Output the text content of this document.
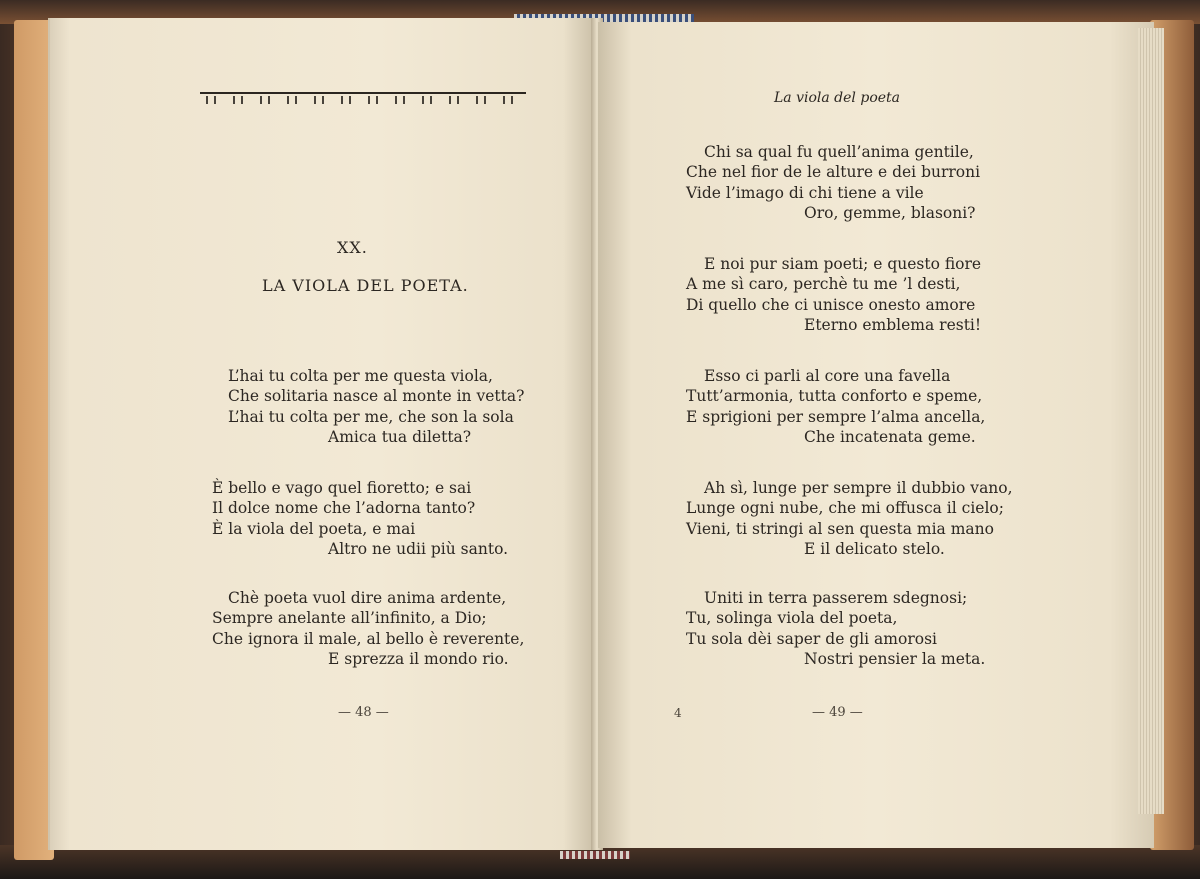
XX.
LA VIOLA DEL POETA.
L’hai tu colta per me questa viola,
Che solitaria nasce al monte in vetta?
L’hai tu colta per me, che son la sola
Amica tua diletta?
È bello e vago quel fioretto; e sai
Il dolce nome che l’adorna tanto?
È la viola del poeta, e mai
Altro ne udii più santo.
Chè poeta vuol dire anima ardente,
Sempre anelante all’infinito, a Dio;
Che ignora il male, al bello è reverente,
E sprezza il mondo rio.
— 48 —
La viola del poeta
Chi sa qual fu quell’anima gentile,
Che nel fior de le alture e dei burroni
Vide l’imago di chi tiene a vile
Oro, gemme, blasoni?
E noi pur siam poeti; e questo fiore
A me sì caro, perchè tu me ’l desti,
Di quello che ci unisce onesto amore
Eterno emblema resti!
Esso ci parli al core una favella
Tutt’armonia, tutta conforto e speme,
E sprigioni per sempre l’alma ancella,
Che incatenata geme.
Ah sì, lunge per sempre il dubbio vano,
Lunge ogni nube, che mi offusca il cielo;
Vieni, ti stringi al sen questa mia mano
E il delicato stelo.
Uniti in terra passerem sdegnosi;
Tu, solinga viola del poeta,
Tu sola dèi saper de gli amorosi
Nostri pensier la meta.
4	— 49 —
